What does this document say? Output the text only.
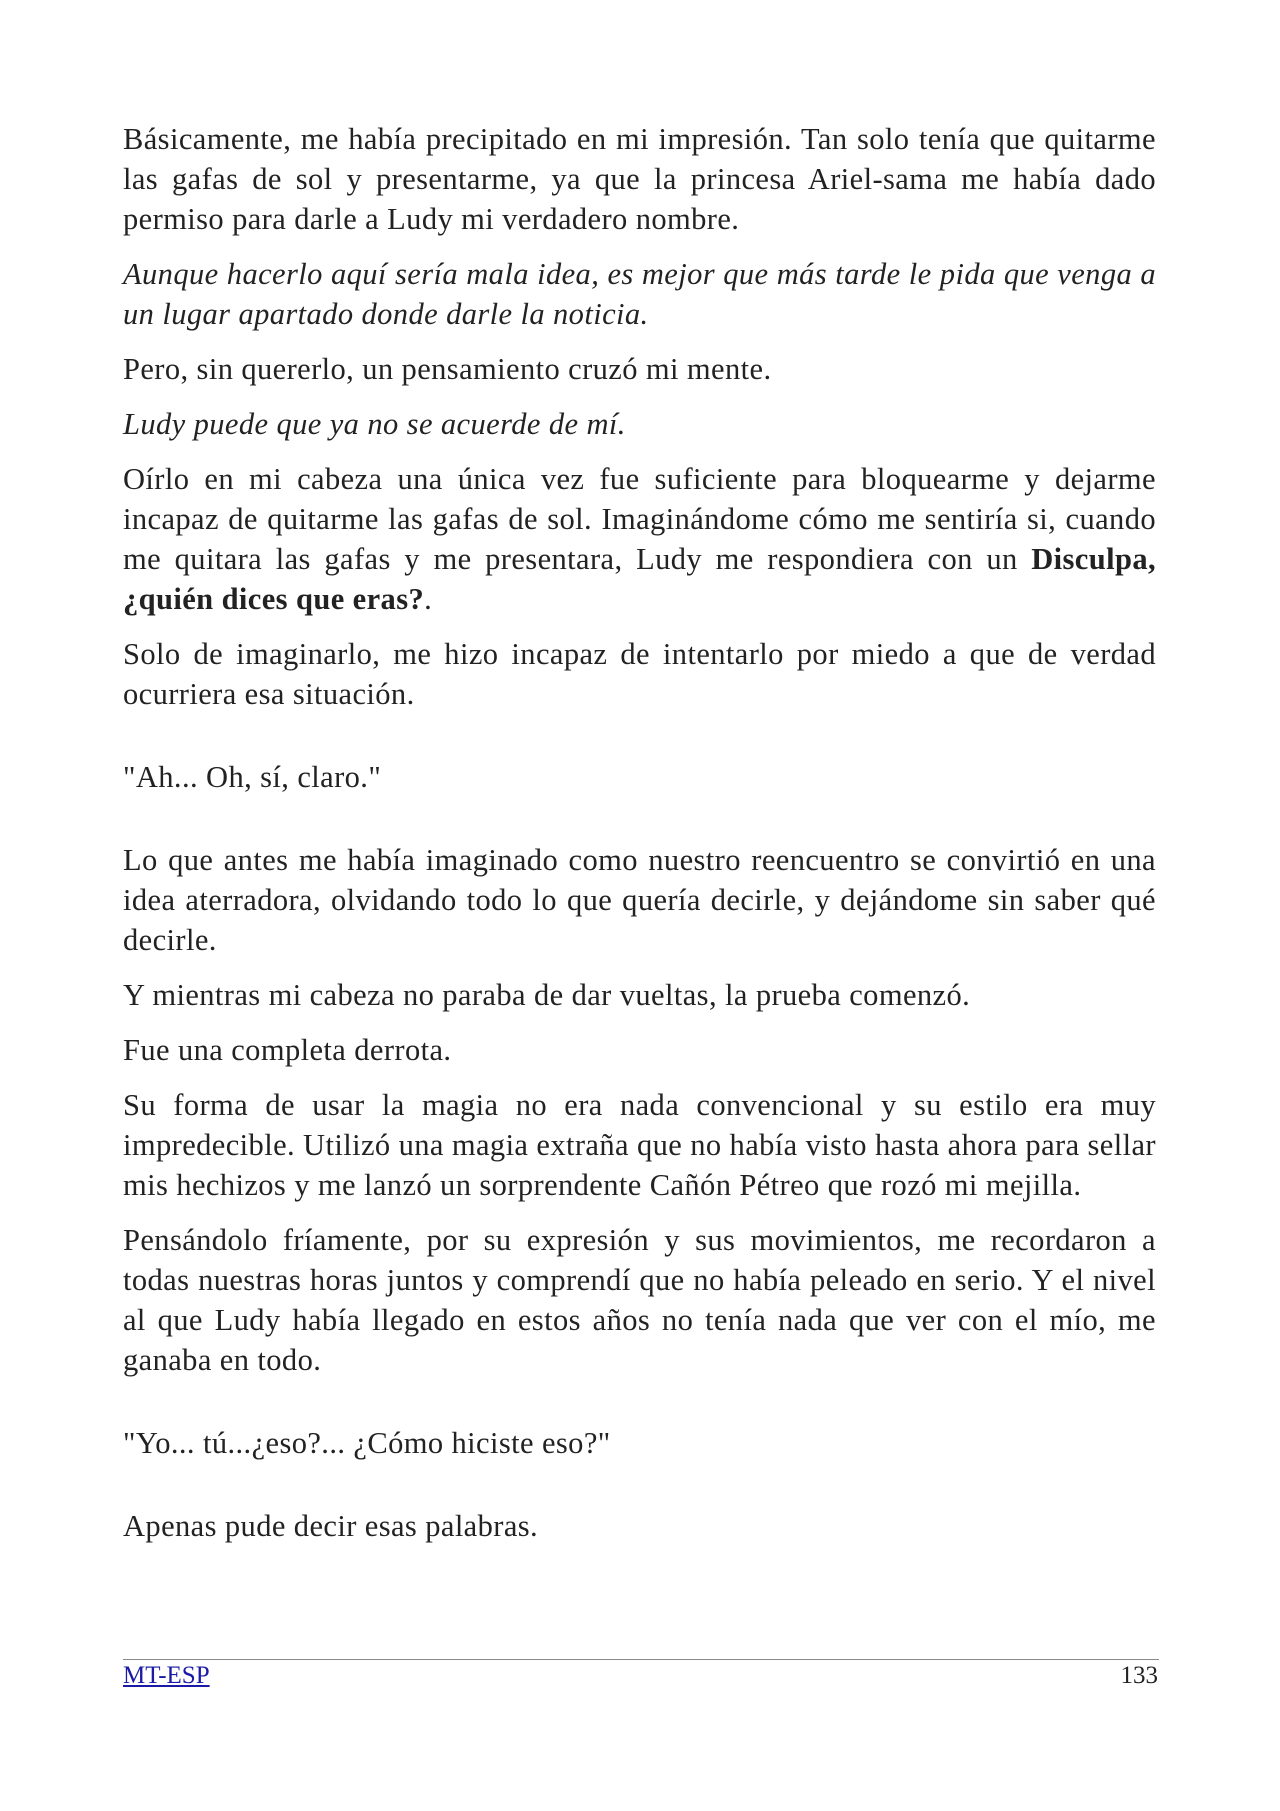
Básicamente, me había precipitado en mi impresión. Tan solo tenía que quitarme las gafas de sol y presentarme, ya que la princesa Ariel-sama me había dado permiso para darle a Ludy mi verdadero nombre.

Aunque hacerlo aquí sería mala idea, es mejor que más tarde le pida que venga a un lugar apartado donde darle la noticia.

Pero, sin quererlo, un pensamiento cruzó mi mente.

Ludy puede que ya no se acuerde de mí.

Oírlo en mi cabeza una única vez fue suficiente para bloquearme y dejarme incapaz de quitarme las gafas de sol. Imaginándome cómo me sentiría si, cuando me quitara las gafas y me presentara, Ludy me respondiera con un Disculpa, ¿quién dices que eras?.

Solo de imaginarlo, me hizo incapaz de intentarlo por miedo a que de verdad ocurriera esa situación.

"Ah... Oh, sí, claro."

Lo que antes me había imaginado como nuestro reencuentro se convirtió en una idea aterradora, olvidando todo lo que quería decirle, y dejándome sin saber qué decirle.

Y mientras mi cabeza no paraba de dar vueltas, la prueba comenzó.

Fue una completa derrota.

Su forma de usar la magia no era nada convencional y su estilo era muy impredecible. Utilizó una magia extraña que no había visto hasta ahora para sellar mis hechizos y me lanzó un sorprendente Cañón Pétreo que rozó mi mejilla.

Pensándolo fríamente, por su expresión y sus movimientos, me recordaron a todas nuestras horas juntos y comprendí que no había peleado en serio. Y el nivel al que Ludy había llegado en estos años no tenía nada que ver con el mío, me ganaba en todo.

"Yo... tú...¿eso?... ¿Cómo hiciste eso?"

Apenas pude decir esas palabras.

MT-ESP	133
